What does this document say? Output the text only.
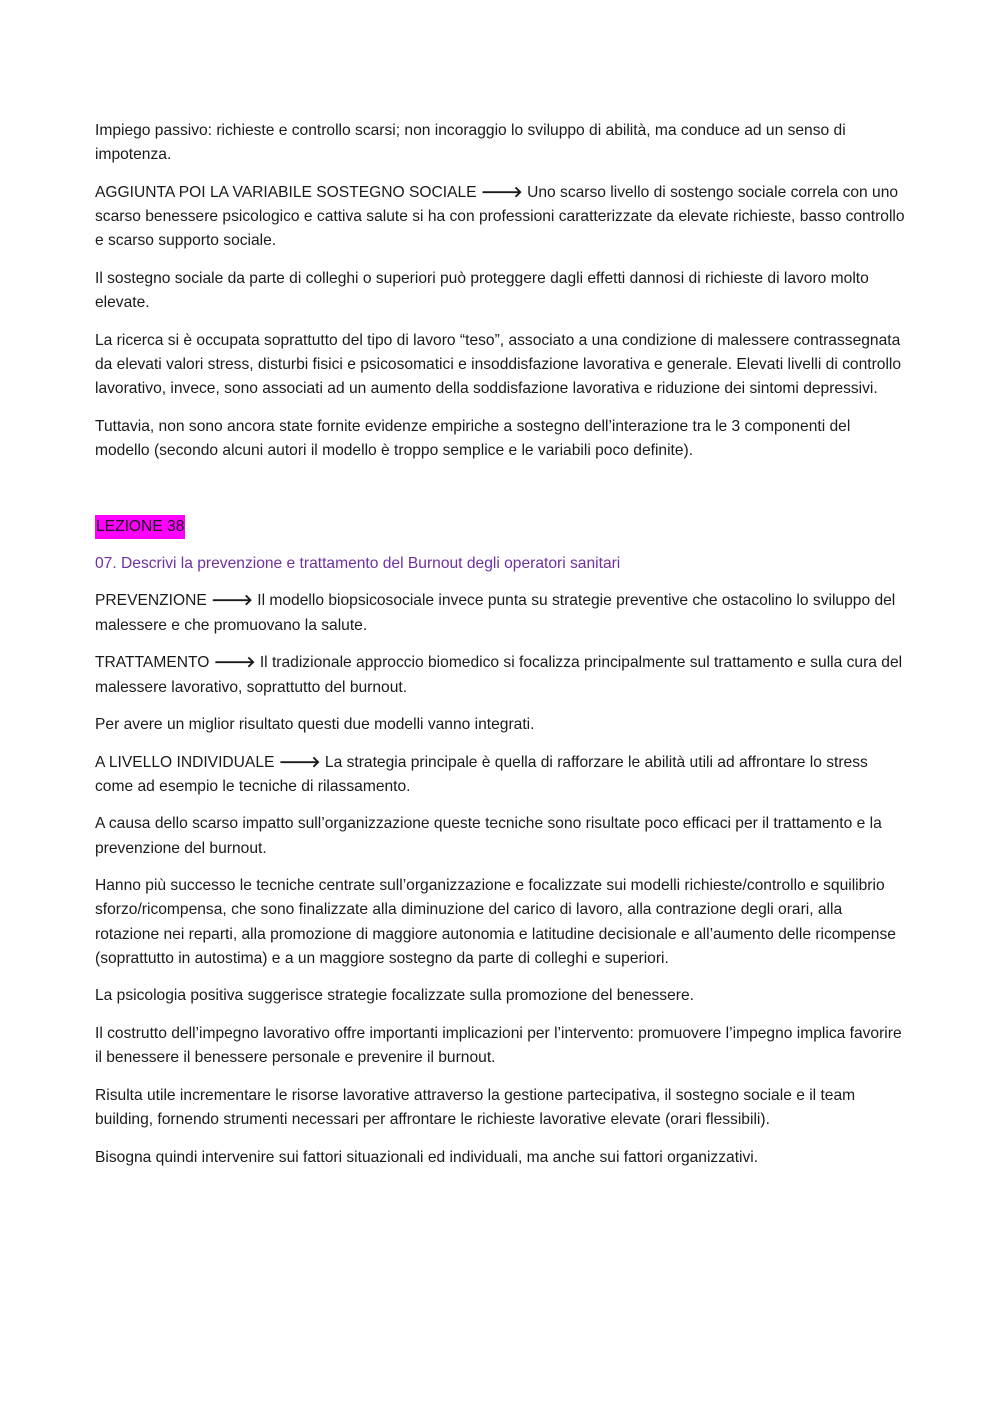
Impiego passivo: richieste e controllo scarsi; non incoraggio lo sviluppo di abilità, ma conduce ad un senso di impotenza.

AGGIUNTA POI LA VARIABILE SOSTEGNO SOCIALE 🡒 Uno scarso livello di sostengo sociale correla con uno scarso benessere psicologico e cattiva salute si ha con professioni caratterizzate da elevate richieste, basso controllo e scarso supporto sociale.

Il sostegno sociale da parte di colleghi o superiori può proteggere dagli effetti dannosi di richieste di lavoro molto elevate.

La ricerca si è occupata soprattutto del tipo di lavoro “teso”, associato a una condizione di malessere contrassegnata da elevati valori stress, disturbi fisici e psicosomatici e insoddisfazione lavorativa e generale. Elevati livelli di controllo lavorativo, invece, sono associati ad un aumento della soddisfazione lavorativa e riduzione dei sintomi depressivi.

Tuttavia, non sono ancora state fornite evidenze empiriche a sostegno dell’interazione tra le 3 componenti del modello (secondo alcuni autori il modello è troppo semplice e le variabili poco definite).

LEZIONE 38

07. Descrivi la prevenzione e trattamento del Burnout degli operatori sanitari

PREVENZIONE 🡒 Il modello biopsicosociale invece punta su strategie preventive che ostacolino lo sviluppo del malessere e che promuovano la salute.

TRATTAMENTO 🡒 Il tradizionale approccio biomedico si focalizza principalmente sul trattamento e sulla cura del malessere lavorativo, soprattutto del burnout.

Per avere un miglior risultato questi due modelli vanno integrati.

A LIVELLO INDIVIDUALE 🡒 La strategia principale è quella di rafforzare le abilità utili ad affrontare lo stress come ad esempio le tecniche di rilassamento.

A causa dello scarso impatto sull’organizzazione queste tecniche sono risultate poco efficaci per il trattamento e la prevenzione del burnout.

Hanno più successo le tecniche centrate sull’organizzazione e focalizzate sui modelli richieste/controllo e squilibrio sforzo/ricompensa, che sono finalizzate alla diminuzione del carico di lavoro, alla contrazione degli orari, alla rotazione nei reparti, alla promozione di maggiore autonomia e latitudine decisionale e all’aumento delle ricompense (soprattutto in autostima) e a un maggiore sostegno da parte di colleghi e superiori.

La psicologia positiva suggerisce strategie focalizzate sulla promozione del benessere.

Il costrutto dell’impegno lavorativo offre importanti implicazioni per l’intervento: promuovere l’impegno implica favorire il benessere il benessere personale e prevenire il burnout.

Risulta utile incrementare le risorse lavorative attraverso la gestione partecipativa, il sostegno sociale e il team building, fornendo strumenti necessari per affrontare le richieste lavorative elevate (orari flessibili).

Bisogna quindi intervenire sui fattori situazionali ed individuali, ma anche sui fattori organizzativi.
